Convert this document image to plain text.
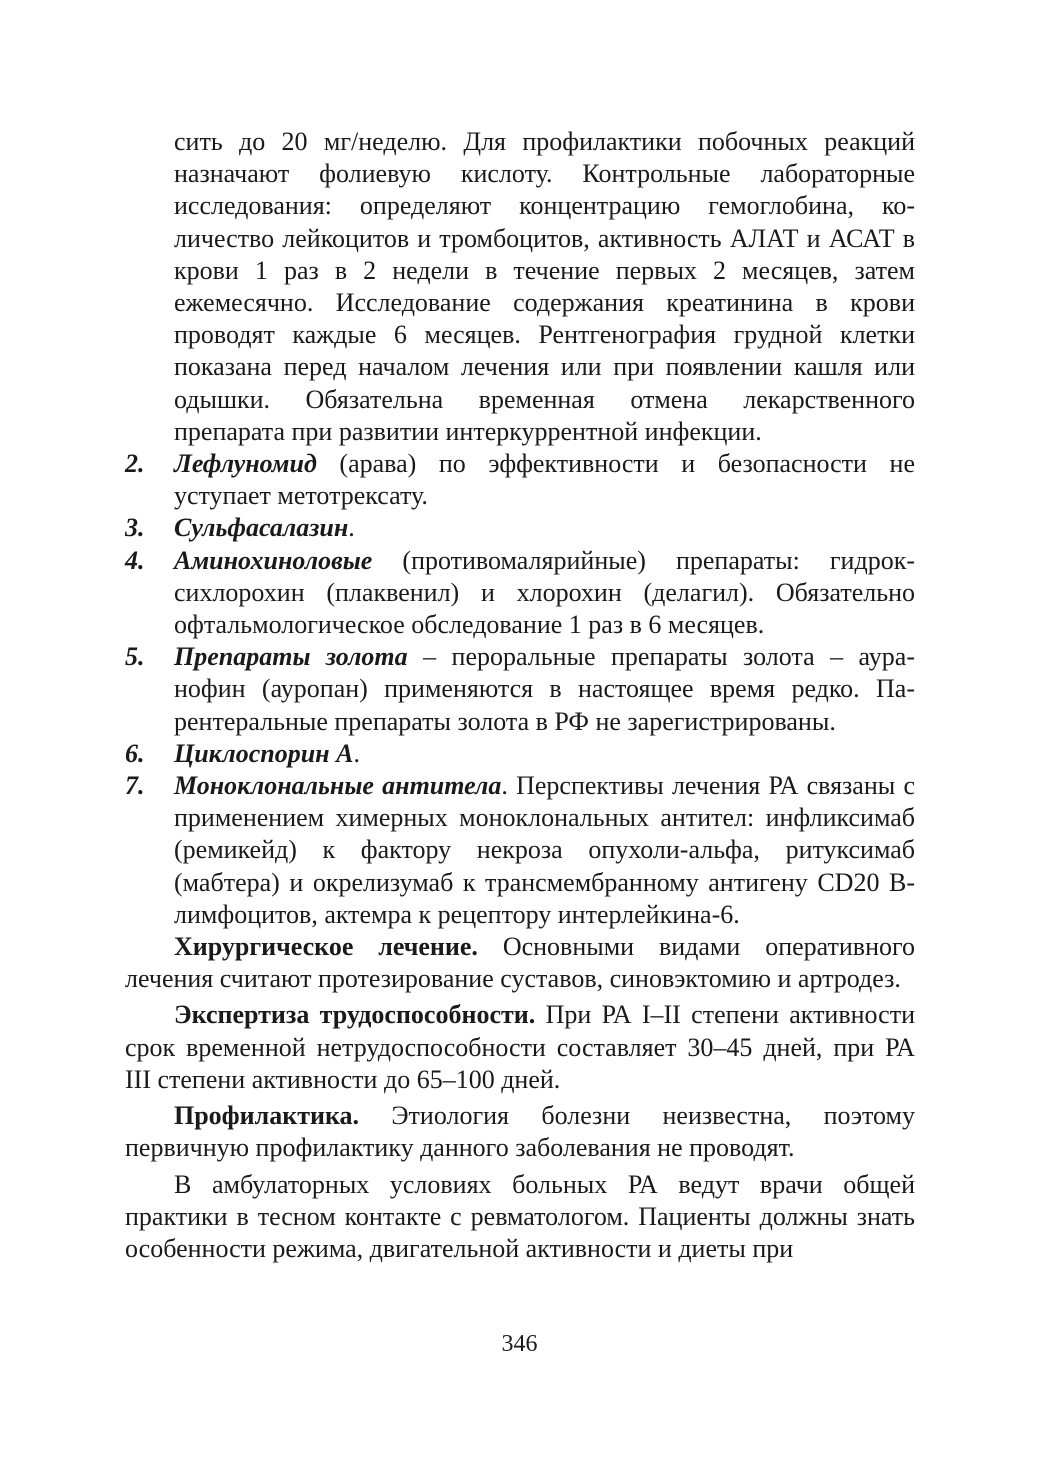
сить до 20 мг/неделю. Для профилактики побочных реакций назначают фолиевую кислоту. Контрольные лабораторные исследования: определяют концентрацию гемоглобина, количество лейкоцитов и тромбоцитов, активность АЛАТ и АСАТ в крови 1 раз в 2 недели в течение первых 2 месяцев, затем ежемесячно. Исследование содержания креатинина в крови проводят каждые 6 месяцев. Рентгенография грудной клетки показана перед началом лечения или при появлении кашля или одышки. Обязательна временная отмена лекарственного препарата при развитии интеркуррентной инфекции.
2.	Лефлуномид (арава) по эффективности и безопасности не уступает метотрексату.
3.	Сульфасалазин.
4.	Аминохиноловые (противомалярийные) препараты: гидроксихлорохин (плаквенил) и хлорохин (делагил). Обязательно офтальмологическое обследование 1 раз в 6 месяцев.
5.	Препараты золота – пероральные препараты золота – ауранофин (ауропан) применяются в настоящее время редко. Парентеральные препараты золота в РФ не зарегистрированы.
6.	Циклоспорин А.
7.	Моноклональные антитела. Перспективы лечения РА связаны с применением химерных моноклональных антител: инфликсимаб (ремикейд) к фактору некроза опухоли-альфа, ритуксимаб (мабтера) и окрелизумаб к трансмембранному антигену CD20 В-лимфоцитов, актемра к рецептору интерлейкина-6.

Хирургическое лечение. Основными видами оперативного лечения считают протезирование суставов, синовэктомию и артродез.

Экспертиза трудоспособности. При РА I–II степени активности срок временной нетрудоспособности составляет 30–45 дней, при РА III степени активности до 65–100 дней.

Профилактика. Этиология болезни неизвестна, поэтому первичную профилактику данного заболевания не проводят.

В амбулаторных условиях больных РА ведут врачи общей практики в тесном контакте с ревматологом. Пациенты должны знать особенности режима, двигательной активности и диеты при

346
